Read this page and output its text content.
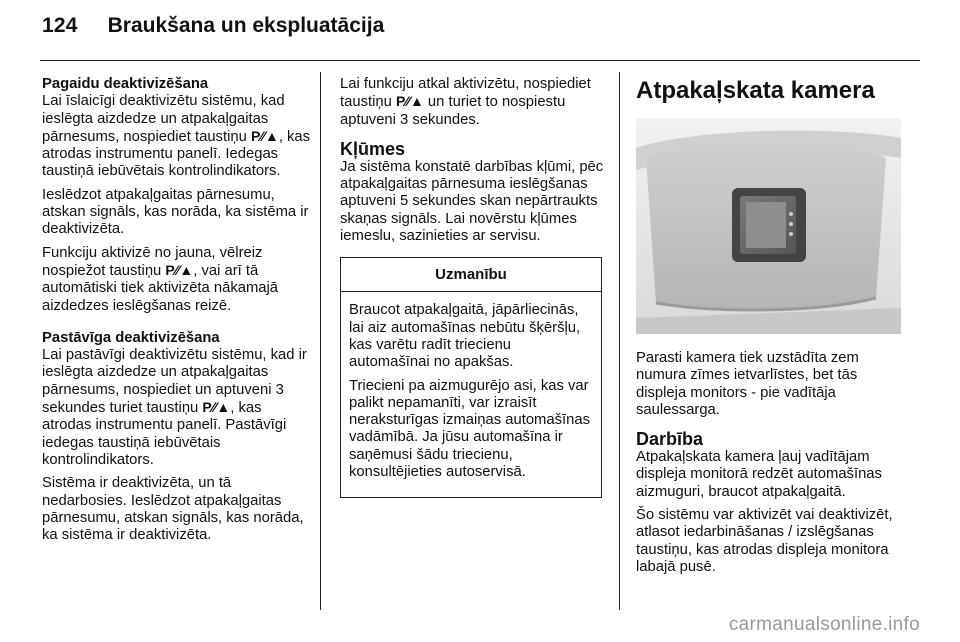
124 Braukšana un ekspluatācija
Pagaidu deaktivizēšana

Lai īslaicīgi deaktivizētu sistēmu, kad ieslēgta aizdedze un atpakaļgaitas pārnesums, nospiediet taustiņu P⁄⁄▲, kas atrodas instrumentu panelī. Iedegas taustiņā iebūvētais kontrolindikators.

Ieslēdzot atpakaļgaitas pārnesumu, atskan signāls, kas norāda, ka sistēma ir deaktivizēta.

Funkciju aktivizē no jauna, vēlreiz nospiežot taustiņu P⁄⁄▲, vai arī tā automātiski tiek aktivizēta nākamajā aizdedzes ieslēgšanas reizē.

Pastāvīga deaktivizēšana

Lai pastāvīgi deaktivizētu sistēmu, kad ir ieslēgta aizdedze un atpakaļgaitas pārnesums, nospiediet un aptuveni 3 sekundes turiet taustiņu P⁄⁄▲, kas atrodas instrumentu panelī. Pastāvīgi iedegas taustiņā iebūvētais kontrolindikators.

Sistēma ir deaktivizēta, un tā nedarbosies. Ieslēdzot atpakaļgaitas pārnesumu, atskan signāls, kas norāda, ka sistēma ir deaktivizēta.

Lai funkciju atkal aktivizētu, nospiediet taustiņu P⁄⁄▲ un turiet to nospiestu aptuveni 3 sekundes.

Kļūmes

Ja sistēma konstatē darbības kļūmi, pēc atpakaļgaitas pārnesuma ieslēgšanas aptuveni 5 sekundes skan nepārtraukts skaņas signāls. Lai novērstu kļūmes iemeslu, sazinieties ar servisu.

Uzmanību

Braucot atpakaļgaitā, jāpārliecinās, lai aiz automašīnas nebūtu šķēršļu, kas varētu radīt triecienu automašīnai no apakšas.

Triecieni pa aizmugurējo asi, kas var palikt nepamanīti, var izraisīt neraksturīgas izmaiņas automašīnas vadāmībā. Ja jūsu automašīna ir saņēmusi šādu triecienu, konsultējieties autoservisā.

Atpakaļskata kamera

Parasti kamera tiek uzstādīta zem numura zīmes ietvarlīstes, bet tās displeja monitors - pie vadītāja saulessarga.

Darbība

Atpakaļskata kamera ļauj vadītājam displeja monitorā redzēt automašīnas aizmuguri, braucot atpakaļgaitā.

Šo sistēmu var aktivizēt vai deaktivizēt, atlasot iedarbināšanas / izslēgšanas taustiņu, kas atrodas displeja monitora labajā pusē.

carmanualsonline.info
